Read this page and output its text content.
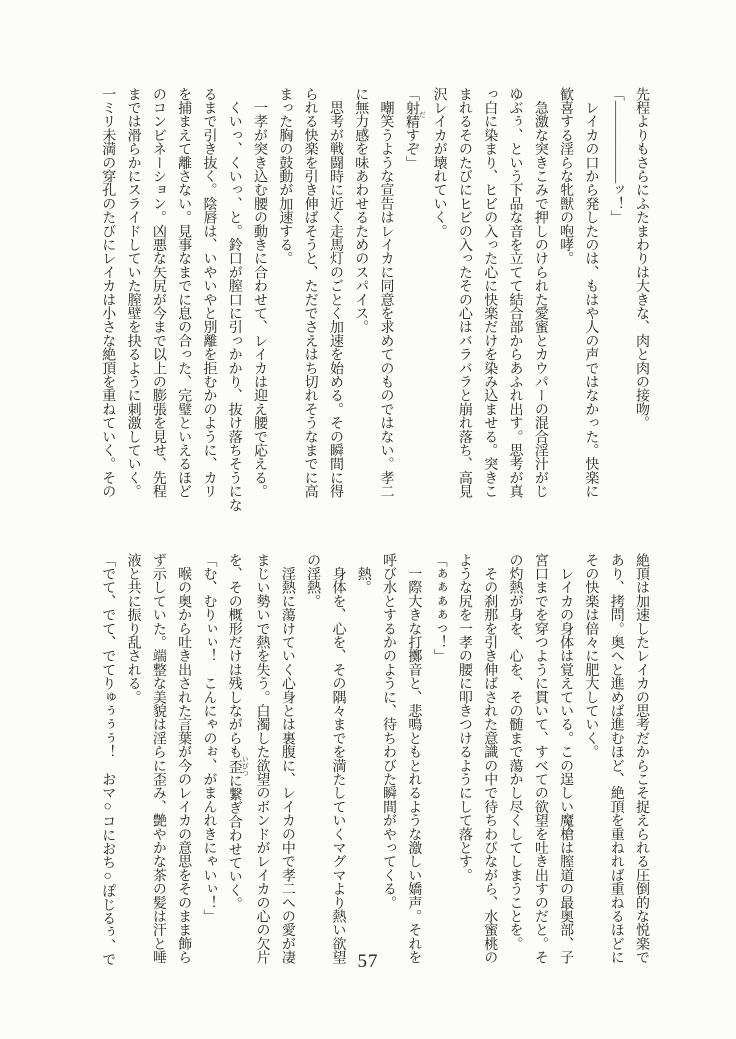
先程よりもさらにふたまわりは大きな、肉と肉の接吻。

「――――――ッ！」

　レイカの口から発したのは、もはや人の声ではなかった。快楽に

歓喜する淫らな牝獣の咆哮。

　急激な突きこみで押しのけられた愛蜜とカウパーの混合淫汁がじ

ゆぶぅ、という下品な音を立てて結合部からあふれ出す。思考が真

っ白に染まり、ヒビの入った心に快楽だけを染み込ませる。突きこ

まれるそのたびにヒビの入ったその心はバラバラと崩れ落ち、高見

沢レイカが壊れていく。

「射精 だすぞ」

　嘲笑うような宣告はレイカに同意を求めてのものではない。孝二

に無力感を味あわせるためのスパイス。

　思考が戦闘時に近く走馬灯のごとく加速を始める。その瞬間に得

られる快楽を引き伸ばそうと、ただでさえはち切れそうなまでに高

まった胸の鼓動が加速する。

　一孝が突き込む腰の動きに合わせて、レイカは迎え腰で応える。

　くいっ、くいっ、と。鈴口が膣口に引っかかり、抜け落ちそうにな

るまで引き抜く。陰唇は、いやいやと別離を拒むかのように、カリ

を捕まえて離さない。見事なまでに息の合った、完璧といえるほど

のコンビネーション。凶悪な矢尻が今まで以上の膨張を見せ、先程

までは滑らかにスライドしていた膣壁を抉るように刺激していく。

一ミリ未満の穿孔のたびにレイカは小さな絶頂を重ねていく。その

絶頂は加速したレイカの思考だからこそ捉えられる圧倒的な悦楽で

あり、拷問。奥へと進めば進むほど、絶頂を重ねれば重ねるほどに

その快楽は倍々に肥大していく。

　レイカの身体は覚えている。この逞しい魔槍は膣道の最奥部、子

宮口までを穿つように貫いて、すべての欲望を吐き出すのだと。そ

の灼熱が身を、心を、その髄まで蕩かし尽くしてしまうことを。

　その刹那を引き伸ばされた意識の中で待ちわびながら、水蜜桃の

ような尻を一孝の腰に叩きつけるようにして落とす。

「ぁぁぁぁっ！」

　一際大きな打擲音と、悲鳴ともとれるような激しい嬌声。それを

呼び水とするかのように、待ちわびた瞬間がやってくる。

　熱。

　身体を、心を、その隅々までを満たしていくマグマより熱い欲望

の淫熱。

　淫熱に蕩けていく心身とは裏腹に、レイカの中で孝二への愛が凄

まじい勢いで熱を失う。白濁した欲望のボンドがレイカの心の欠片

を、その概形だけは残しながらも歪 いびつに繋ぎ合わせていく。

「む、むりぃぃ！　こんにゃのぉ、がまんれきにゃいぃ！」

　喉の奥から吐き出された言葉が今のレイカの意思をそのまま飾ら

ず示していた。端整な美貌は淫らに歪み、艶やかな茶の髪は汗と唾

液と共に振り乱される。

「でて、でて、でてりゅぅぅぅ！　おマ○コにおち○ぽじるぅ、で	57
